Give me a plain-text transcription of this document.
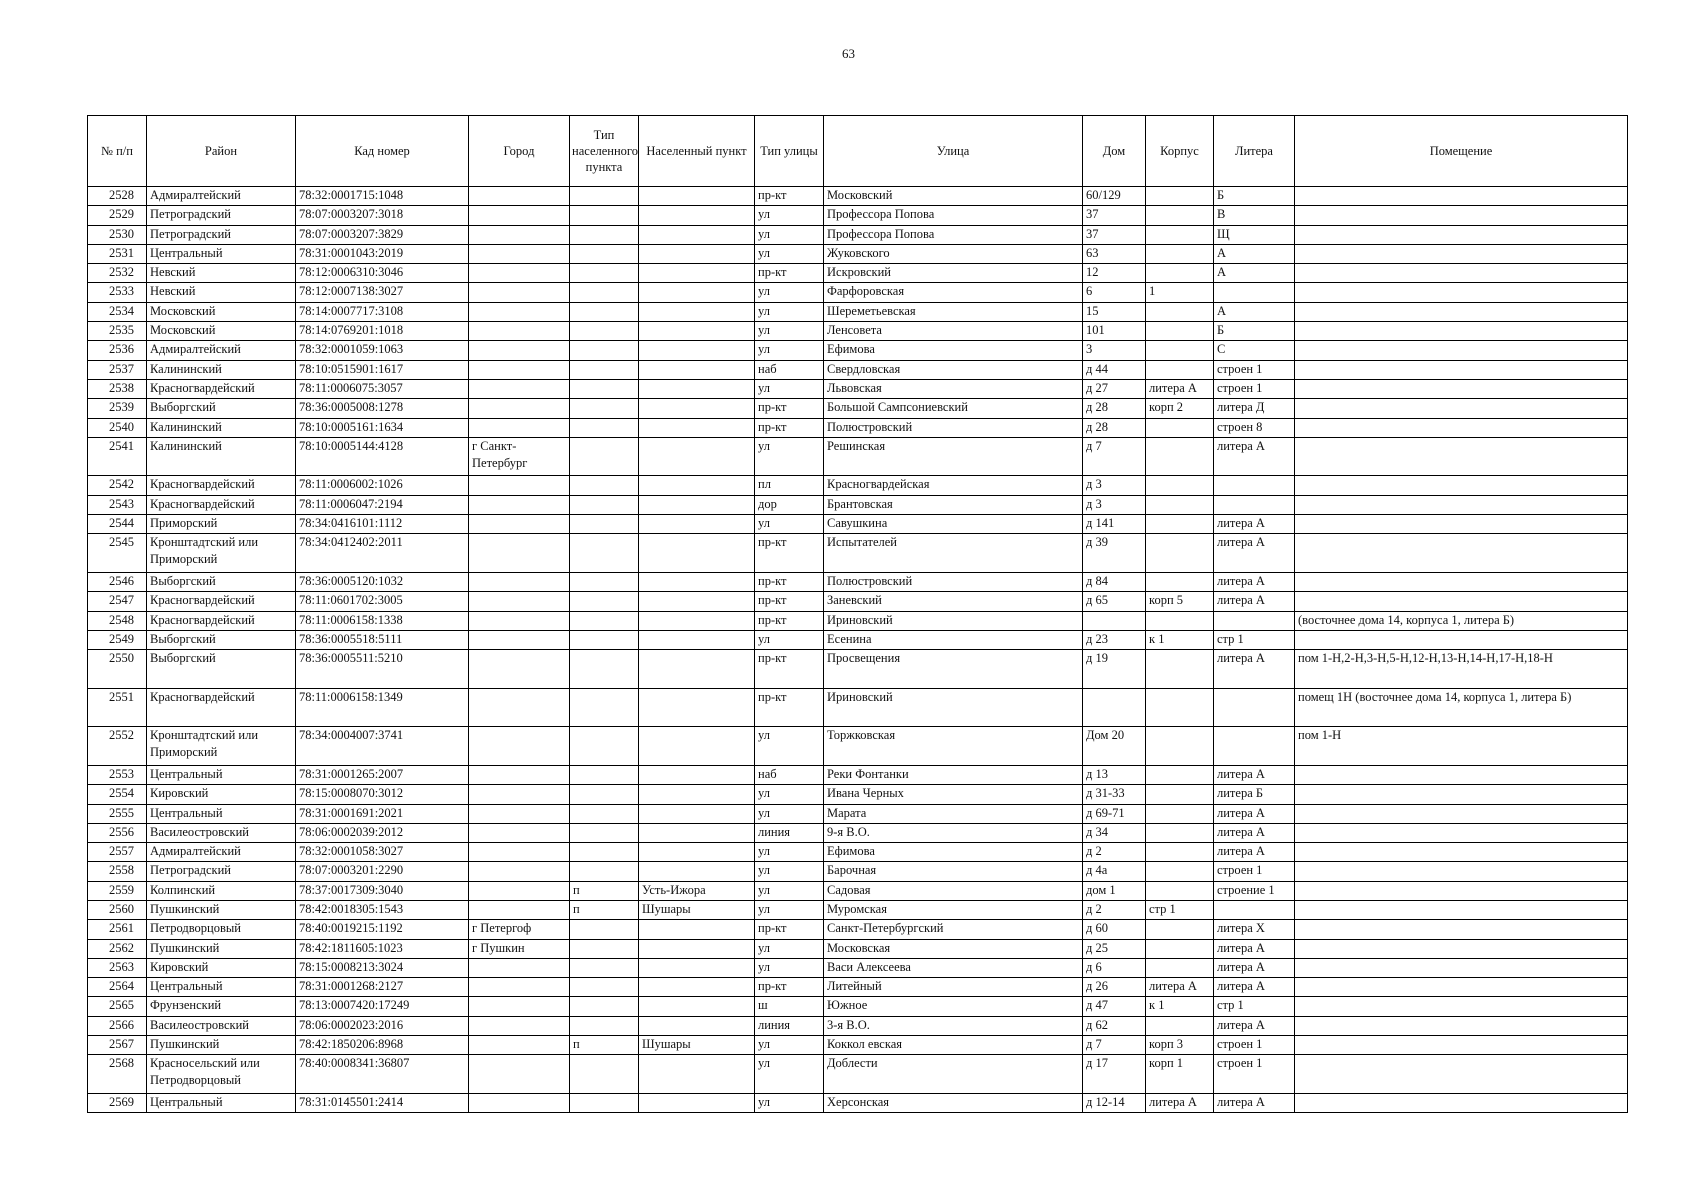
63
№ п/п	Район	Кад номер	Город	Тип населенного пункта	Населенный пункт	Тип улицы	Улица	Дом	Корпус	Литера	Помещение
2528	Адмиралтейский	78:32:0001715:1048				пр-кт	Московский	60/129		Б	
2529	Петроградский	78:07:0003207:3018				ул	Профессора Попова	37		В	
2530	Петроградский	78:07:0003207:3829				ул	Профессора Попова	37		Щ	
2531	Центральный	78:31:0001043:2019				ул	Жуковского	63		А	
2532	Невский	78:12:0006310:3046				пр-кт	Искровский	12		А	
2533	Невский	78:12:0007138:3027				ул	Фарфоровская	6	1		
2534	Московский	78:14:0007717:3108				ул	Шереметьевская	15		А	
2535	Московский	78:14:0769201:1018				ул	Ленсовета	101		Б	
2536	Адмиралтейский	78:32:0001059:1063				ул	Ефимова	3		С	
2537	Калининский	78:10:0515901:1617				наб	Свердловская	д 44		строен 1	
2538	Красногвардейский	78:11:0006075:3057				ул	Львовская	д 27	литера А	строен 1	
2539	Выборгский	78:36:0005008:1278				пр-кт	Большой Сампсониевский	д 28	корп 2	литера Д	
2540	Калининский	78:10:0005161:1634				пр-кт	Полюстровский	д 28		строен 8	
2541	Калининский	78:10:0005144:4128	г Санкт-Петербург			ул	Решинская	д 7		литера А	
2542	Красногвардейский	78:11:0006002:1026				пл	Красногвардейская	д 3			
2543	Красногвардейский	78:11:0006047:2194				дор	Брантовская	д 3			
2544	Приморский	78:34:0416101:1112				ул	Савушкина	д 141		литера А	
2545	Кронштадтский или Приморский	78:34:0412402:2011				пр-кт	Испытателей	д 39		литера А	
2546	Выборгский	78:36:0005120:1032				пр-кт	Полюстровский	д 84		литера А	
2547	Красногвардейский	78:11:0601702:3005				пр-кт	Заневский	д 65	корп 5	литера А	
2548	Красногвардейский	78:11:0006158:1338				пр-кт	Ириновский				(восточнее дома 14, корпуса 1, литера Б)
2549	Выборгский	78:36:0005518:5111				ул	Есенина	д 23	к 1	стр 1	
2550	Выборгский	78:36:0005511:5210				пр-кт	Просвещения	д 19		литера А	пом 1-Н,2-Н,3-Н,5-Н,12-Н,13-Н,14-Н,17-Н,18-Н
2551	Красногвардейский	78:11:0006158:1349				пр-кт	Ириновский				помещ 1Н (восточнее дома 14, корпуса 1, литера Б)
2552	Кронштадтский или Приморский	78:34:0004007:3741				ул	Торжковская	Дом 20			пом 1-Н
2553	Центральный	78:31:0001265:2007				наб	Реки Фонтанки	д 13		литера А	
2554	Кировский	78:15:0008070:3012				ул	Ивана Черных	д 31-33		литера Б	
2555	Центральный	78:31:0001691:2021				ул	Марата	д 69-71		литера А	
2556	Василеостровский	78:06:0002039:2012				линия	9-я В.О.	д 34		литера А	
2557	Адмиралтейский	78:32:0001058:3027				ул	Ефимова	д 2		литера А	
2558	Петроградский	78:07:0003201:2290				ул	Барочная	д 4а		строен 1	
2559	Колпинский	78:37:0017309:3040		п	Усть-Ижора	ул	Садовая	дом 1		строение 1	
2560	Пушкинский	78:42:0018305:1543		п	Шушары	ул	Муромская	д 2	стр 1		
2561	Петродворцовый	78:40:0019215:1192	г Петергоф			пр-кт	Санкт-Петербургский	д 60		литера Х	
2562	Пушкинский	78:42:1811605:1023	г Пушкин			ул	Московская	д 25		литера А	
2563	Кировский	78:15:0008213:3024				ул	Васи Алексеева	д 6		литера А	
2564	Центральный	78:31:0001268:2127				пр-кт	Литейный	д 26	литера А	литера А	
2565	Фрунзенский	78:13:0007420:17249				ш	Южное	д 47	к 1	стр 1	
2566	Василеостровский	78:06:0002023:2016				линия	3-я В.О.	д 62		литера А	
2567	Пушкинский	78:42:1850206:8968		п	Шушары	ул	Коккол евская	д 7	корп 3	строен 1	
2568	Красносельский или Петродворцовый	78:40:0008341:36807				ул	Доблести	д 17	корп 1	строен 1	
2569	Центральный	78:31:0145501:2414				ул	Херсонская	д 12-14	литера А	литера А	
